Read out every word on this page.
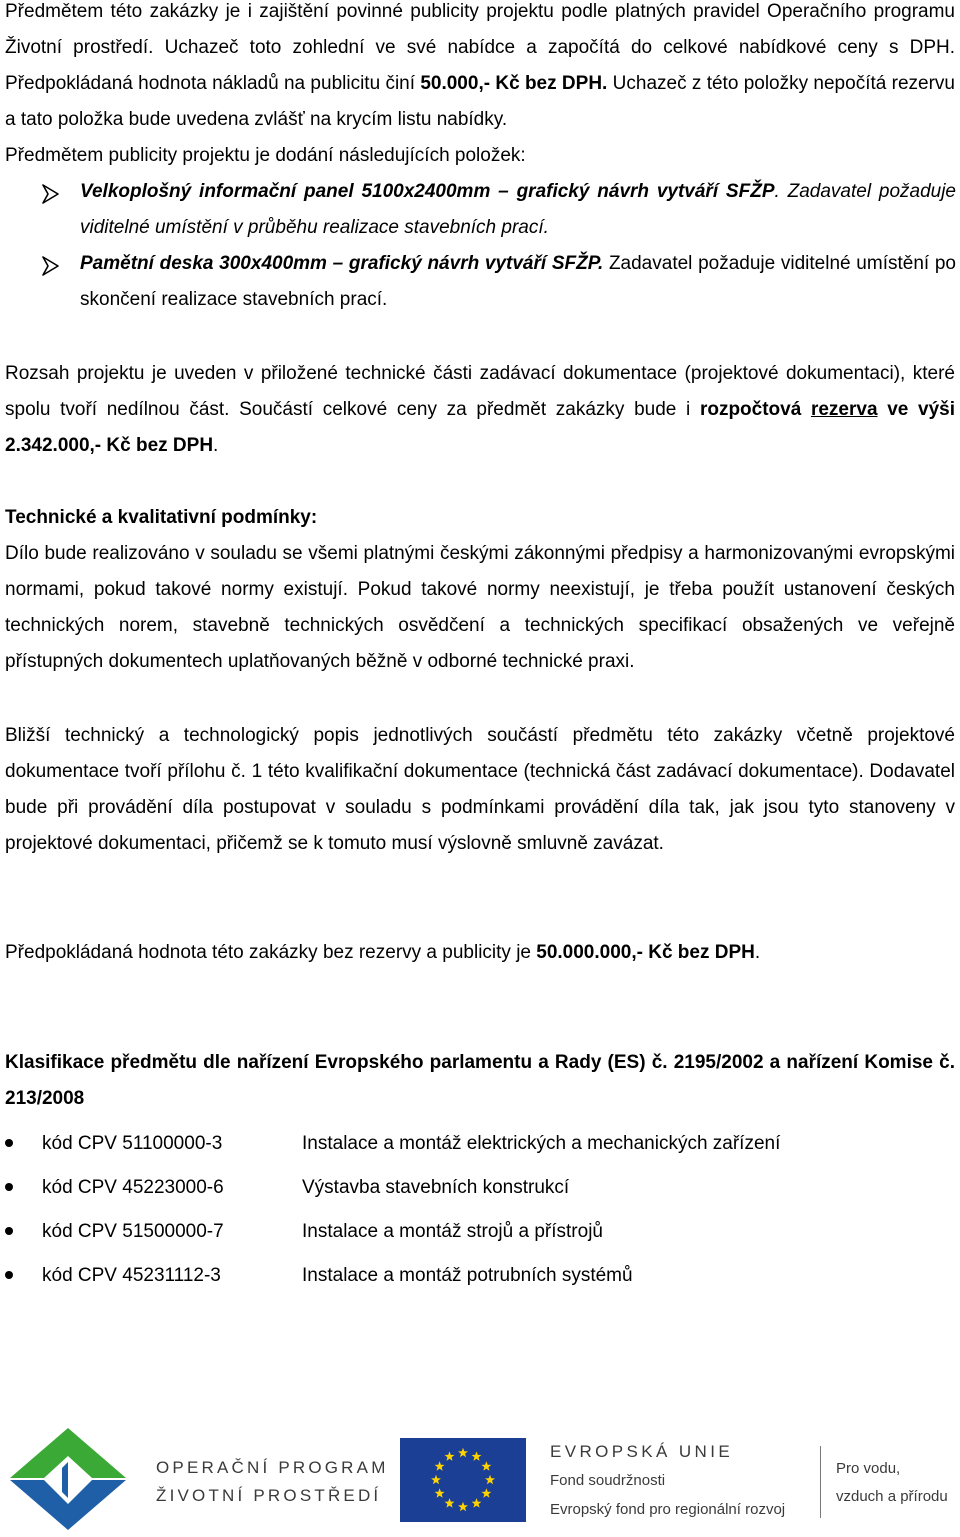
Předmětem této zakázky je i zajištění povinné publicity projektu podle platných pravidel Operačního programu Životní prostředí. Uchazeč toto zohlední ve své nabídce a započítá do celkové nabídkové ceny s DPH. Předpokládaná hodnota nákladů na publicitu činí 50.000,- Kč bez DPH. Uchazeč z této položky nepočítá rezervu a tato položka bude uvedena zvlášť na krycím listu nabídky.

Předmětem publicity projektu je dodání následujících položek:

Velkoplošný informační panel 5100x2400mm – grafický návrh vytváří SFŽP. Zadavatel požaduje viditelné umístění v průběhu realizace stavebních prací.

Pamětní deska 300x400mm – grafický návrh vytváří SFŽP. Zadavatel požaduje viditelné umístění po skončení realizace stavebních prací.

Rozsah projektu je uveden v přiložené technické části zadávací dokumentace (projektové dokumentaci), které spolu tvoří nedílnou část. Součástí celkové ceny za předmět zakázky bude i rozpočtová rezerva ve výši 2.342.000,- Kč bez DPH.

Technické a kvalitativní podmínky:

Dílo bude realizováno v souladu se všemi platnými českými zákonnými předpisy a harmonizovanými evropskými normami, pokud takové normy existují. Pokud takové normy neexistují, je třeba použít ustanovení českých technických norem, stavebně technických osvědčení a technických specifikací obsažených ve veřejně přístupných dokumentech uplatňovaných běžně v odborné technické praxi.

Bližší technický a technologický popis jednotlivých součástí předmětu této zakázky včetně projektové dokumentace tvoří přílohu č. 1 této kvalifikační dokumentace (technická část zadávací dokumentace). Dodavatel bude při provádění díla postupovat v souladu s podmínkami provádění díla tak, jak jsou tyto stanoveny v projektové dokumentaci, přičemž se k tomuto musí výslovně smluvně zavázat.

Předpokládaná hodnota této zakázky bez rezervy a publicity je 50.000.000,- Kč bez DPH.

Klasifikace předmětu dle nařízení Evropského parlamentu a Rady (ES) č. 2195/2002 a nařízení Komise č. 213/2008

kód CPV 51100000-3	Instalace a montáž elektrických a mechanických zařízení
kód CPV 45223000-6	Výstavba stavebních konstrukcí
kód CPV 51500000-7	Instalace a montáž strojů a přístrojů
kód CPV 45231112-3	Instalace a montáž potrubních systémů
OPERAČNÍ PROGRAM
ŽIVOTNÍ PROSTŘEDÍ
EVROPSKÁ UNIE
Fond soudržnosti
Evropský fond pro regionální rozvoj
Pro vodu,
vzduch a přírodu
